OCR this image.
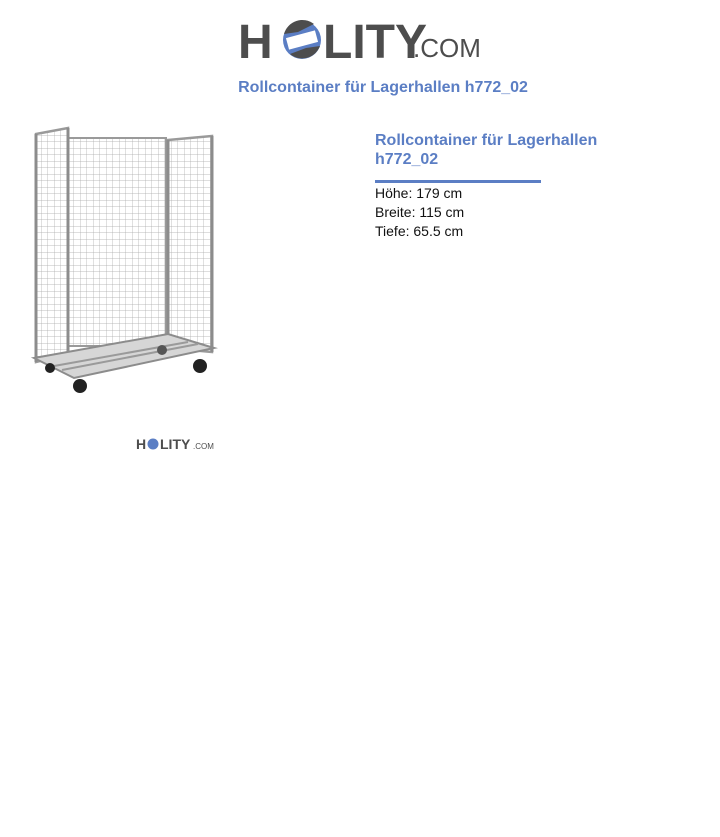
H LITY
.COM
Rollcontainer für Lagerhallen h772_02
H LITY .COM
Rollcontainer für Lagerhallen h772_02
Höhe: 179 cm
Breite: 115 cm
Tiefe: 65.5 cm
